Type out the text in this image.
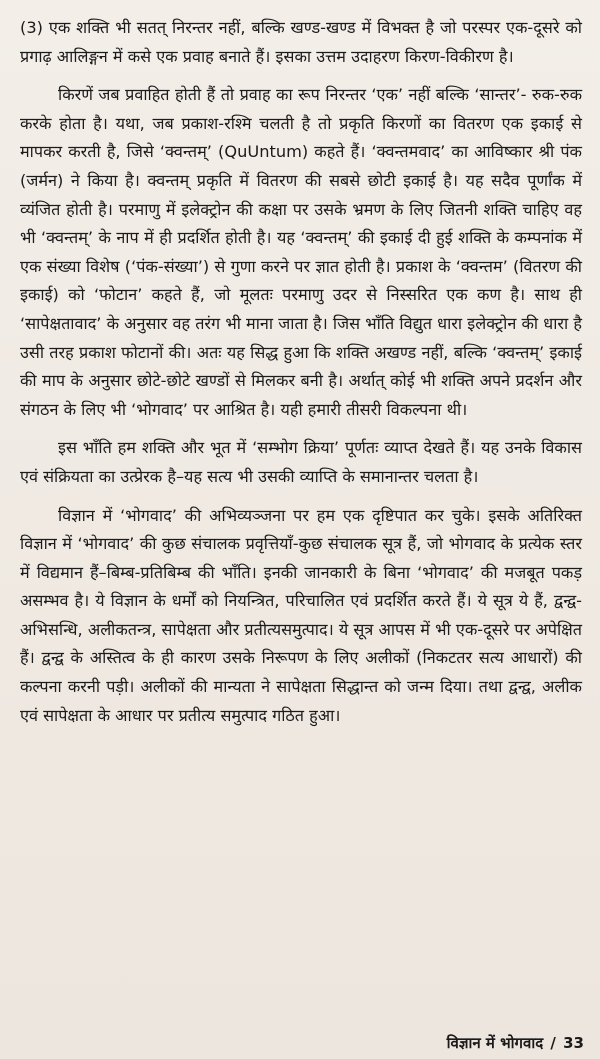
(3) एक शक्ति भी सतत् निरन्तर नहीं, बल्कि खण्ड-खण्ड में विभक्त है जो परस्पर एक-दूसरे को प्रगाढ़ आलिङ्गन में कसे एक प्रवाह बनाते हैं। इसका उत्तम उदाहरण किरण-विकीरण है।

किरणें जब प्रवाहित होती हैं तो प्रवाह का रूप निरन्तर ‘एक’ नहीं बल्कि ‘सान्तर’- रुक-रुक करके होता है। यथा, जब प्रकाश-रश्मि चलती है तो प्रकृति किरणों का वितरण एक इकाई से मापकर करती है, जिसे ‘क्वन्तम्’ (QuUntum) कहते हैं। ‘क्वन्तमवाद’ का आविष्कार श्री पंक (जर्मन) ने किया है। क्वन्तम् प्रकृति में वितरण की सबसे छोटी इकाई है। यह सदैव पूर्णांक में व्यंजित होती है। परमाणु में इलेक्ट्रोन की कक्षा पर उसके भ्रमण के लिए जितनी शक्ति चाहिए वह भी ‘क्वन्तम्’ के नाप में ही प्रदर्शित होती है। यह ‘क्वन्तम्’ की इकाई दी हुई शक्ति के कम्पनांक में एक संख्या विशेष (‘पंक-संख्या’) से गुणा करने पर ज्ञात होती है। प्रकाश के ‘क्वन्तम’ (वितरण की इकाई) को ‘फोटान’ कहते हैं, जो मूलतः परमाणु उदर से निस्सरित एक कण है। साथ ही ‘सापेक्षतावाद’ के अनुसार वह तरंग भी माना जाता है। जिस भाँति विद्युत धारा इलेक्ट्रोन की धारा है उसी तरह प्रकाश फोटानों की। अतः यह सिद्ध हुआ कि शक्ति अखण्ड नहीं, बल्कि ‘क्वन्तम्’ इकाई की माप के अनुसार छोटे-छोटे खण्डों से मिलकर बनी है। अर्थात् कोई भी शक्ति अपने प्रदर्शन और संगठन के लिए भी ‘भोगवाद’ पर आश्रित है। यही हमारी तीसरी विकल्पना थी।

इस भाँति हम शक्ति और भूत में ‘सम्भोग क्रिया’ पूर्णतः व्याप्त देखते हैं। यह उनके विकास एवं संक्रियता का उत्प्रेरक है–यह सत्य भी उसकी व्याप्ति के समानान्तर चलता है।

विज्ञान में ‘भोगवाद’ की अभिव्यञ्जना पर हम एक दृष्टिपात कर चुके। इसके अतिरिक्त विज्ञान में ‘भोगवाद’ की कुछ संचालक प्रवृत्तियाँ-कुछ संचालक सूत्र हैं, जो भोगवाद के प्रत्येक स्तर में विद्यमान हैं–बिम्ब-प्रतिबिम्ब की भाँति। इनकी जानकारी के बिना ‘भोगवाद’ की मजबूत पकड़ असम्भव है। ये विज्ञान के धर्मों को नियन्त्रित, परिचालित एवं प्रदर्शित करते हैं। ये सूत्र ये हैं, द्वन्द्व-अभिसन्धि, अलीकतन्त्र, सापेक्षता और प्रतीत्यसमुत्पाद। ये सूत्र आपस में भी एक-दूसरे पर अपेक्षित हैं। द्वन्द्व के अस्तित्व के ही कारण उसके निरूपण के लिए अलीकों (निकटतर सत्य आधारों) की कल्पना करनी पड़ी। अलीकों की मान्यता ने सापेक्षता सिद्धान्त को जन्म दिया। तथा द्वन्द्व, अलीक एवं सापेक्षता के आधार पर प्रतीत्य समुत्पाद गठित हुआ।

विज्ञान में भोगवाद / 33
